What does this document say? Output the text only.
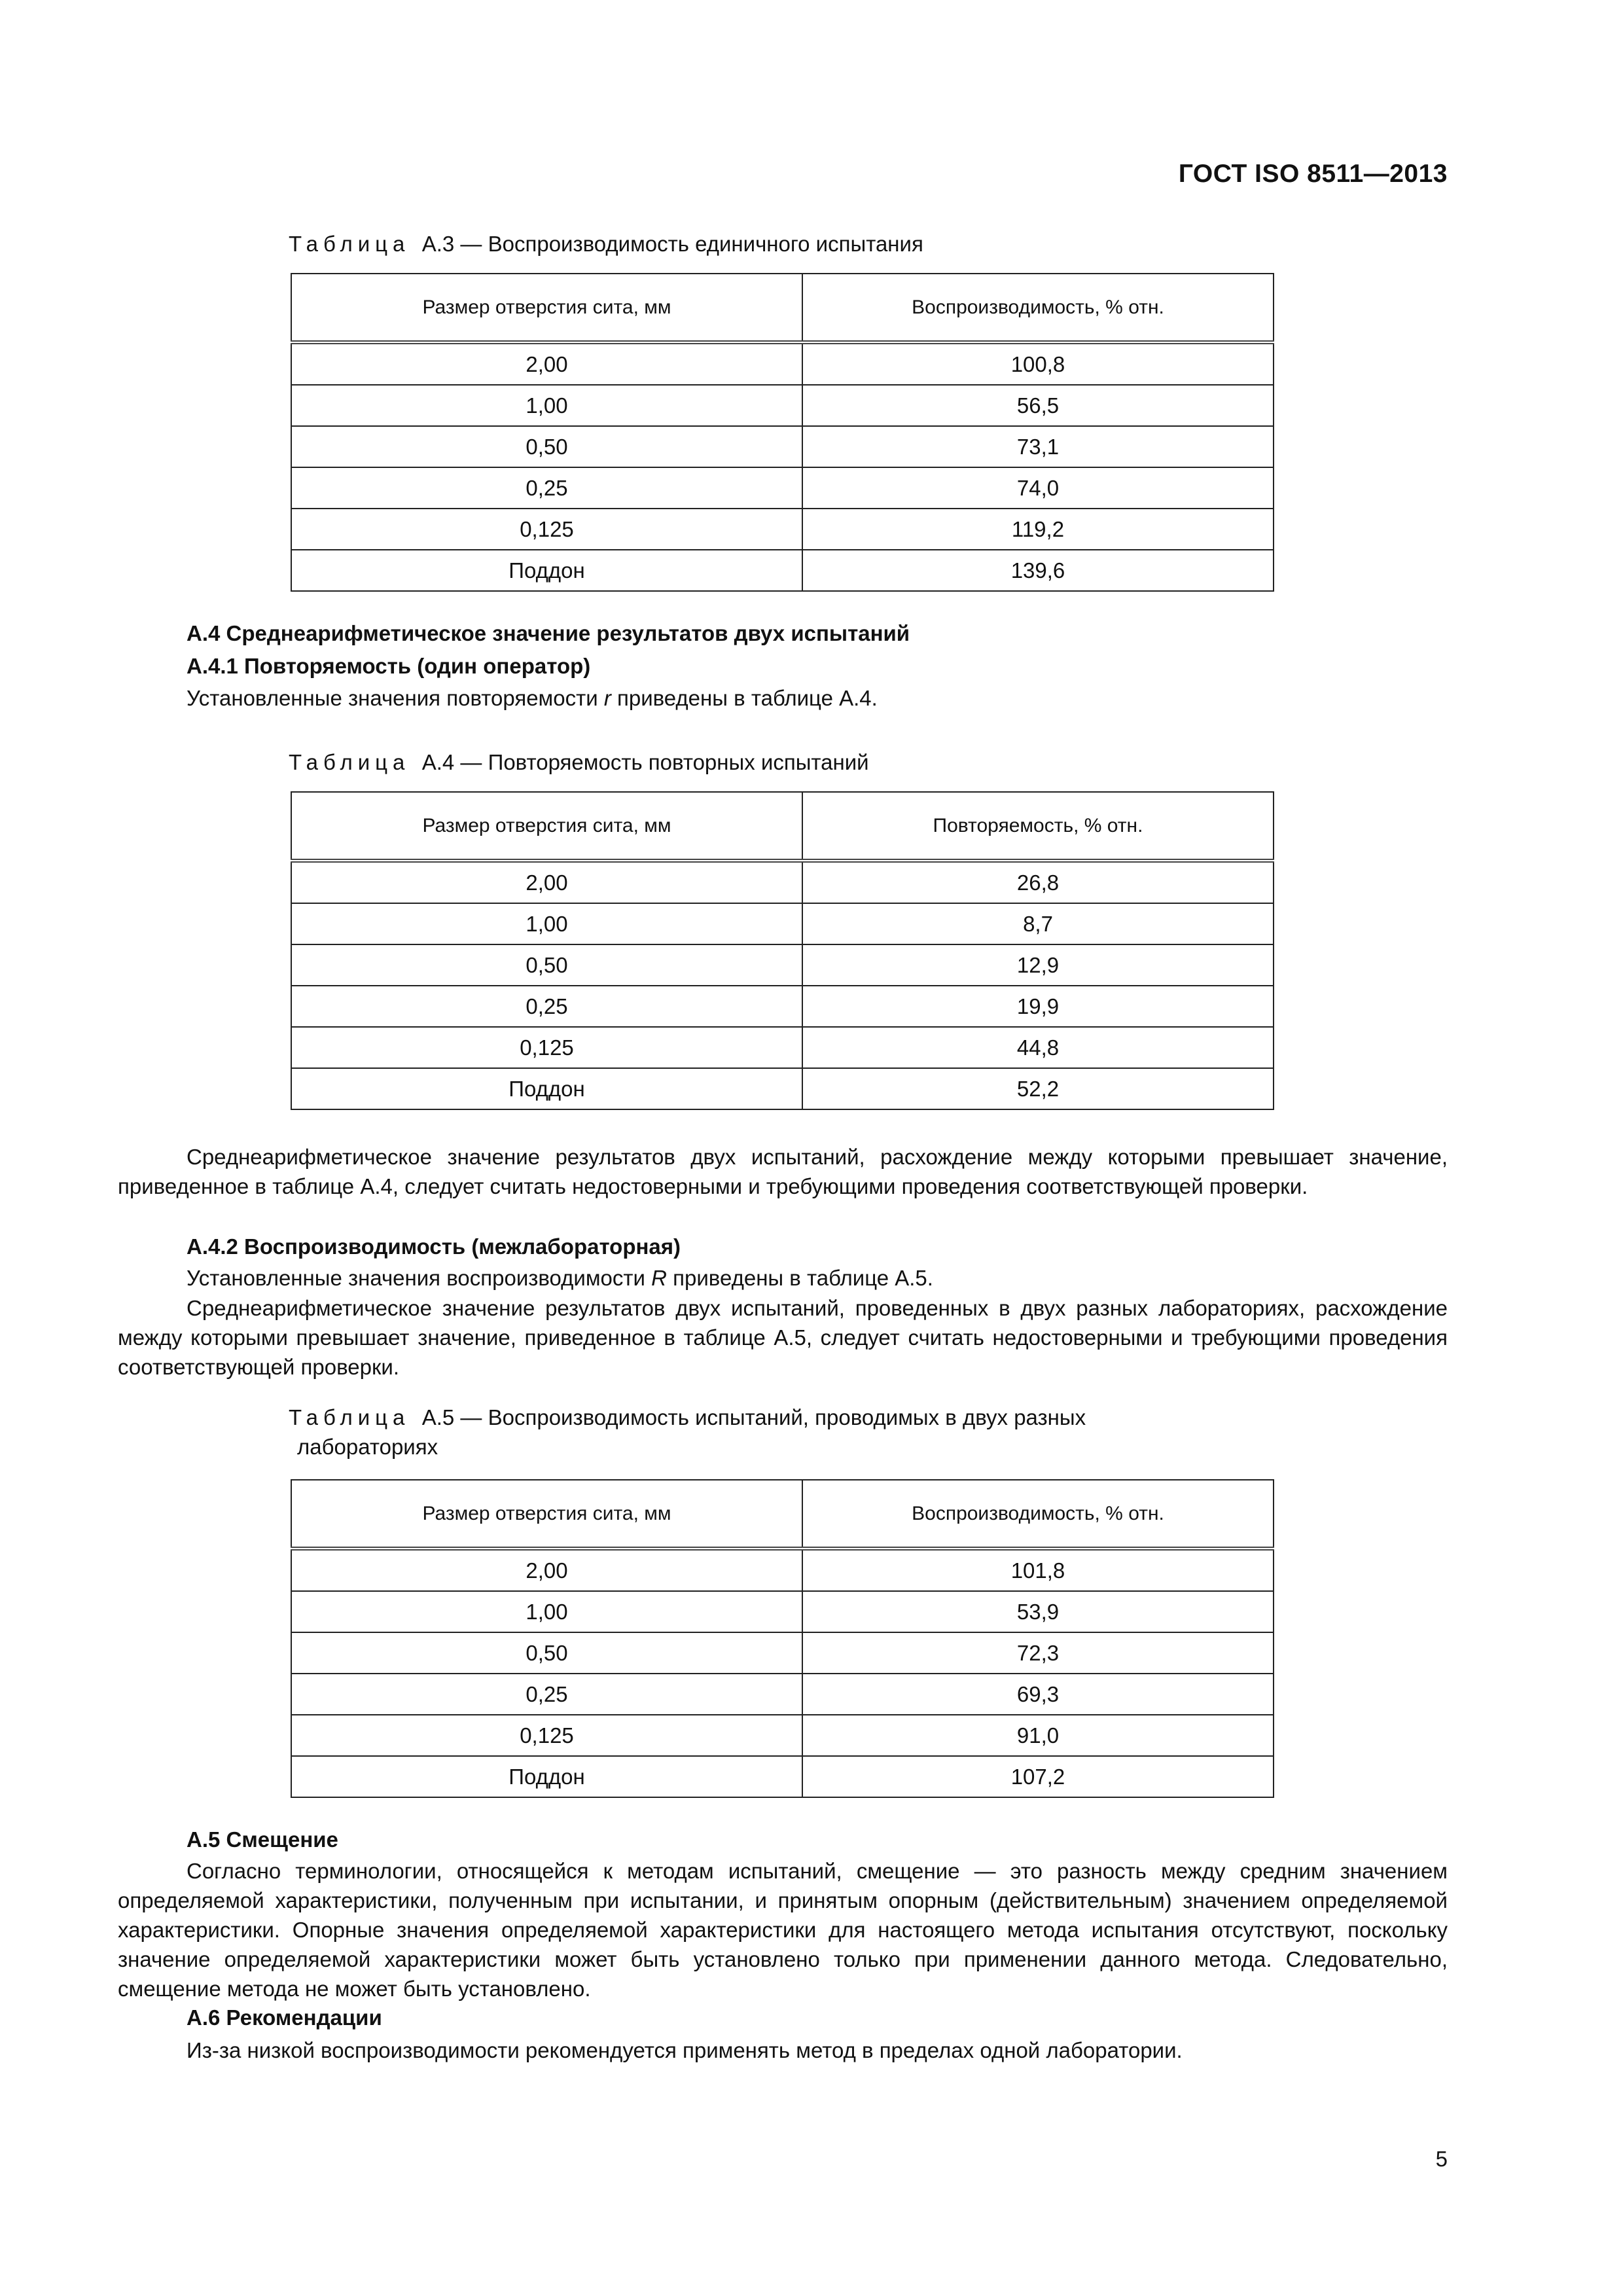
ГОСТ ISO 8511—2013
Таблица А.3 — Воспроизводимость единичного испытания
Размер отверстия сита, мм	Воспроизводимость, % отн.
2,00	100,8
1,00	56,5
0,50	73,1
0,25	74,0
0,125	119,2
Поддон	139,6
А.4 Среднеарифметическое значение результатов двух испытаний
А.4.1 Повторяемость (один оператор)
Установленные значения повторяемости r приведены в таблице А.4.
Таблица А.4 — Повторяемость повторных испытаний
Размер отверстия сита, мм	Повторяемость, % отн.
2,00	26,8
1,00	8,7
0,50	12,9
0,25	19,9
0,125	44,8
Поддон	52,2

Среднеарифметическое значение результатов двух испытаний, расхождение между которыми превышает значение, приведенное в таблице А.4, следует считать недостоверными и требующими проведения соответствующей проверки.

А.4.2 Воспроизводимость (межлабораторная)
Установленные значения воспроизводимости R приведены в таблице А.5.

Среднеарифметическое значение результатов двух испытаний, проведенных в двух разных лабораториях, расхождение между которыми превышает значение, приведенное в таблице А.5, следует считать недостоверными и требующими проведения соответствующей проверки.

Таблица А.5 — Воспроизводимость испытаний, проводимых в двух разных
лабораториях
Размер отверстия сита, мм	Воспроизводимость, % отн.
2,00	101,8
1,00	53,9
0,50	72,3
0,25	69,3
0,125	91,0
Поддон	107,2
А.5 Смещение

Согласно терминологии, относящейся к методам испытаний, смещение — это разность между средним значением определяемой характеристики, полученным при испытании, и принятым опорным (действительным) значением определяемой характеристики. Опорные значения определяемой характеристики для настоящего метода испытания отсутствуют, поскольку значение определяемой характеристики может быть установлено только при применении данного метода. Следовательно, смещение метода не может быть установлено.

А.6 Рекомендации

Из-за низкой воспроизводимости рекомендуется применять метод в пределах одной лаборатории.

5
